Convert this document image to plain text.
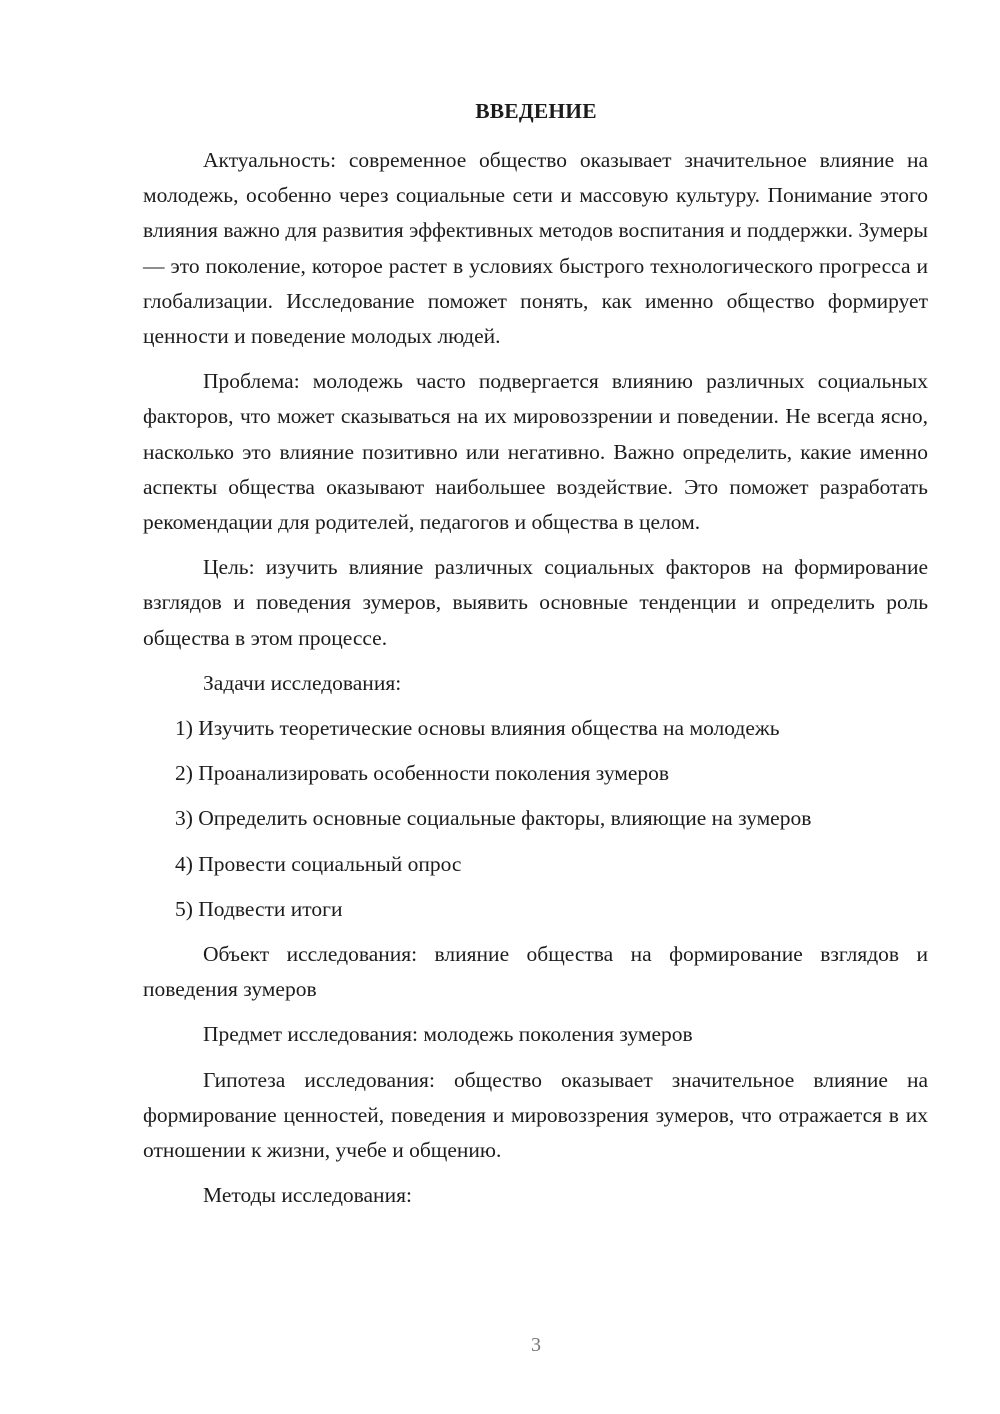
ВВЕДЕНИЕ

Актуальность: современное общество оказывает значительное влияние на молодежь, особенно через социальные сети и массовую культуру. Понимание этого влияния важно для развития эффективных методов воспитания и поддержки. Зумеры — это поколение, которое растет в условиях быстрого технологического прогресса и глобализации. Исследование поможет понять, как именно общество формирует ценности и поведение молодых людей.

Проблема: молодежь часто подвергается влиянию различных социальных факторов, что может сказываться на их мировоззрении и поведении. Не всегда ясно, насколько это влияние позитивно или негативно. Важно определить, какие именно аспекты общества оказывают наибольшее воздействие. Это поможет разработать рекомендации для родителей, педагогов и общества в целом.

Цель: изучить влияние различных социальных факторов на формирование взглядов и поведения зумеров, выявить основные тенденции и определить роль общества в этом процессе.

Задачи исследования:

1) Изучить теоретические основы влияния общества на молодежь

2) Проанализировать особенности поколения зумеров

3) Определить основные социальные факторы, влияющие на зумеров

4) Провести социальный опрос

5) Подвести итоги

Объект исследования: влияние общества на формирование взглядов и поведения зумеров

Предмет исследования: молодежь поколения зумеров

Гипотеза исследования: общество оказывает значительное влияние на формирование ценностей, поведения и мировоззрения зумеров, что отражается в их отношении к жизни, учебе и общению.

Методы исследования:

3
